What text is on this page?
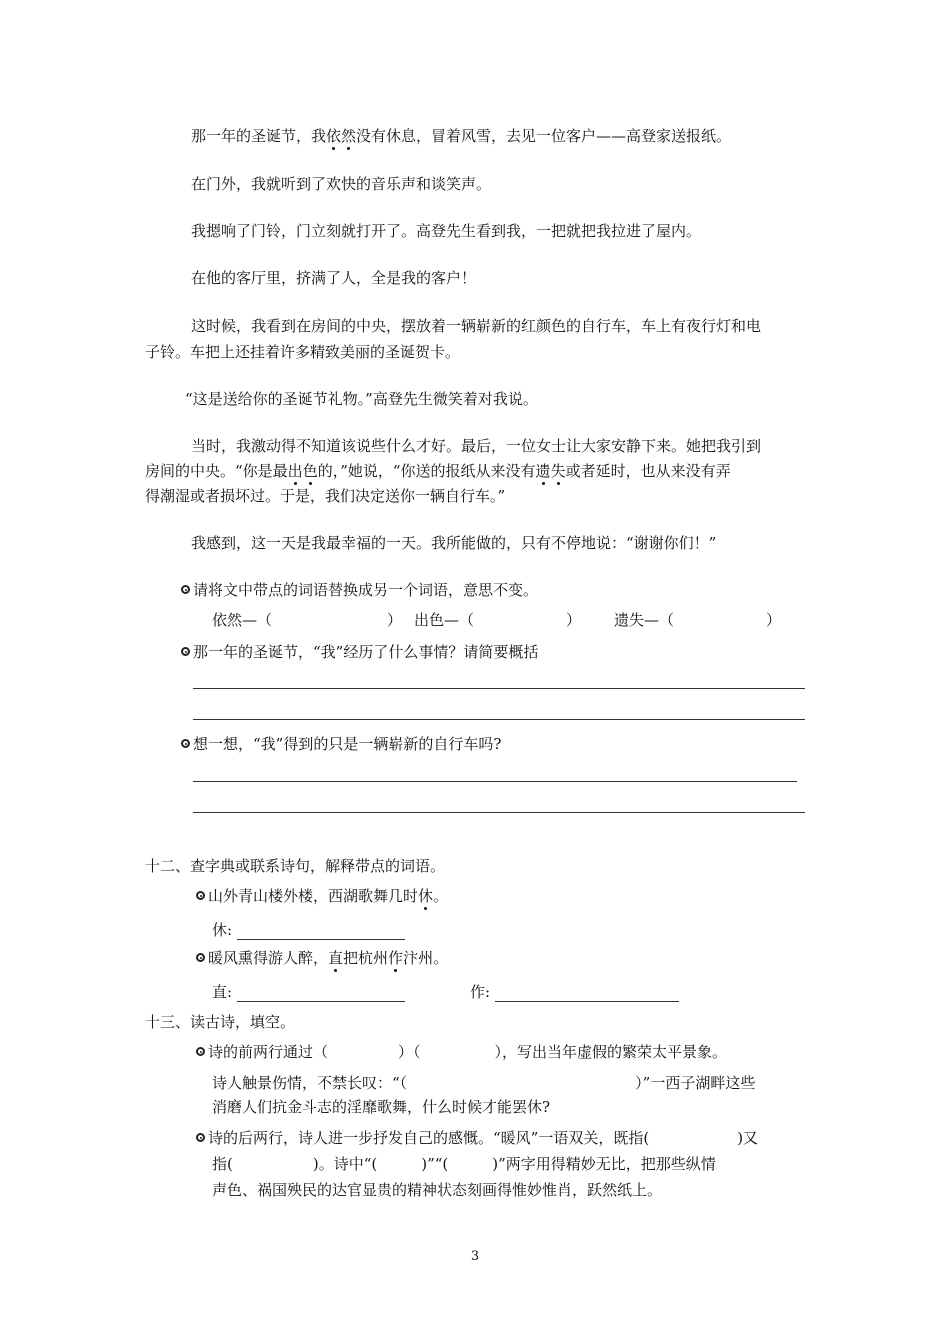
那一年的圣诞节，我依然没有休息，冒着风雪，去见一位客户——高登家送报纸。
在门外，我就听到了欢快的音乐声和谈笑声。
我摁响了门铃，门立刻就打开了。高登先生看到我，一把就把我拉进了屋内。
在他的客厅里，挤满了人，全是我的客户！
这时候，我看到在房间的中央，摆放着一辆崭新的红颜色的自行车，车上有夜行灯和电
子铃。车把上还挂着许多精致美丽的圣诞贺卡。
“这是送给你的圣诞节礼物。”高登先生微笑着对我说。
当时，我激动得不知道该说些什么才好。最后，一位女士让大家安静下来。她把我引到
房间的中央。“你是最出色的，”她说，“你送的报纸从来没有遗失或者延时，也从来没有弄
得潮湿或者损坏过。于是，我们决定送你一辆自行车。”
我感到，这一天是我最幸福的一天。我所能做的，只有不停地说：“谢谢你们！”
请将文中带点的词语替换成另一个词语，意思不变。
依然—（	） 出色—（	） 遗失—（	）
那一年的圣诞节，“我”经历了什么事情？请简要概括
想一想，“我”得到的只是一辆崭新的自行车吗?
十二、查字典或联系诗句，解释带点的词语。
山外青山楼外楼，西湖歌舞几时休。
休:
暖风熏得游人醉，直把杭州作汴州。
直:	作:
十三、读古诗，填空。
诗的前两行通过（	）（	），写出当年虚假的繁荣太平景象。
诗人触景伤情，不禁长叹：“（	）”一西子湖畔这些
消磨人们抗金斗志的淫靡歌舞，什么时候才能罢休?
诗的后两行，诗人进一步抒发自己的感慨。“暖风”一语双关，既指(	)又
指(	)。诗中“(	)”“(	)”两字用得精妙无比，把那些纵情
声色、祸国殃民的达官显贵的精神状态刻画得惟妙惟肖，跃然纸上。
3
